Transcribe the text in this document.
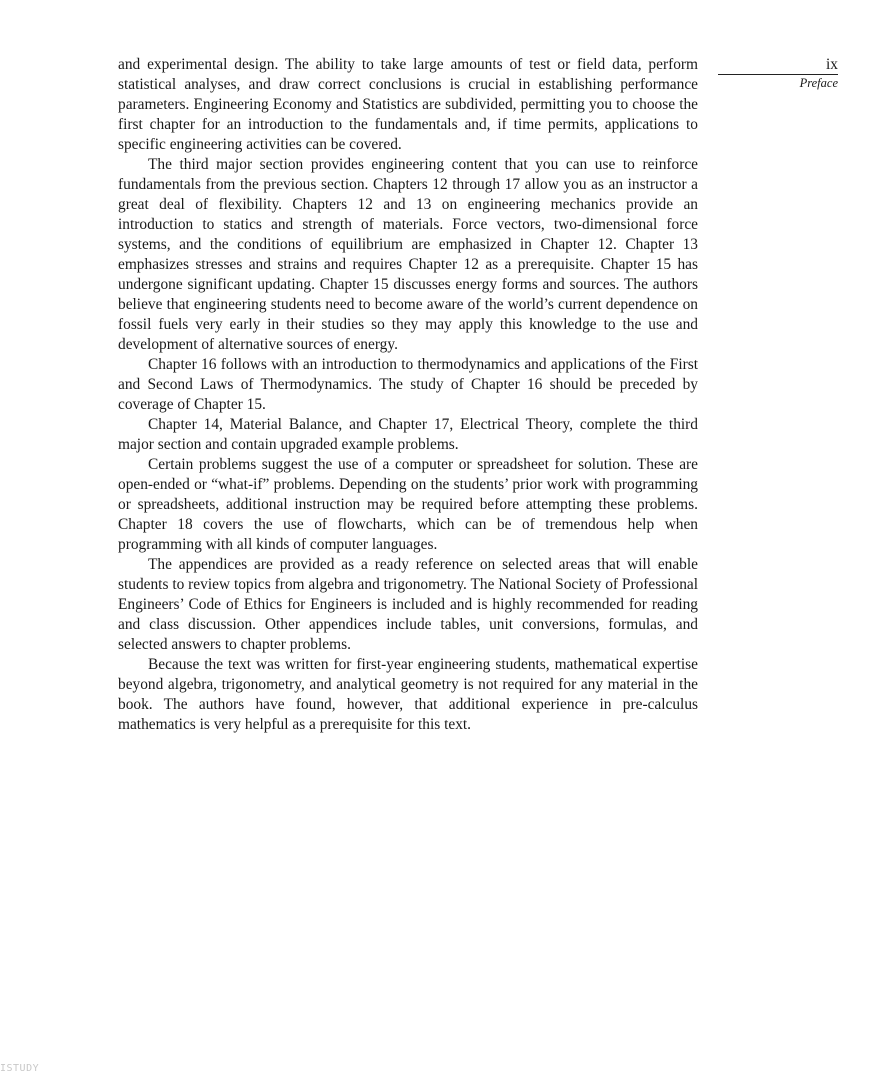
and experimental design. The ability to take large amounts of test or field data, perform statistical analyses, and draw correct conclusions is crucial in establishing performance parameters. Engineering Economy and Statistics are subdivided, permitting you to choose the first chapter for an introduction to the fundamentals and, if time permits, applications to specific engineering activities can be covered.

The third major section provides engineering content that you can use to reinforce fundamentals from the previous section. Chapters 12 through 17 allow you as an instructor a great deal of flexibility. Chapters 12 and 13 on engineering mechanics provide an introduction to statics and strength of materials. Force vectors, two-dimensional force systems, and the conditions of equilibrium are emphasized in Chapter 12. Chapter 13 emphasizes stresses and strains and requires Chapter 12 as a prerequisite. Chapter 15 has undergone significant updating. Chapter 15 discusses energy forms and sources. The authors believe that engineering students need to become aware of the world’s current dependence on fossil fuels very early in their studies so they may apply this knowledge to the use and development of alternative sources of energy.

Chapter 16 follows with an introduction to thermodynamics and applications of the First and Second Laws of Thermodynamics. The study of Chapter 16 should be preceded by coverage of Chapter 15.

Chapter 14, Material Balance, and Chapter 17, Electrical Theory, complete the third major section and contain upgraded example problems.

Certain problems suggest the use of a computer or spreadsheet for solution. These are open-ended or “what-if” problems. Depending on the students’ prior work with programming or spreadsheets, additional instruction may be required before attempting these problems. Chapter 18 covers the use of flowcharts, which can be of tremendous help when programming with all kinds of computer languages.

The appendices are provided as a ready reference on selected areas that will enable students to review topics from algebra and trigonometry. The National Society of Professional Engineers’ Code of Ethics for Engineers is included and is highly recommended for reading and class discussion. Other appendices include tables, unit conversions, formulas, and selected answers to chapter problems.

Because the text was written for first-year engineering students, mathematical expertise beyond algebra, trigonometry, and analytical geometry is not required for any material in the book. The authors have found, however, that additional experience in pre-calculus mathematics is very helpful as a prerequisite for this text.

ix
Preface
ISTUDY
